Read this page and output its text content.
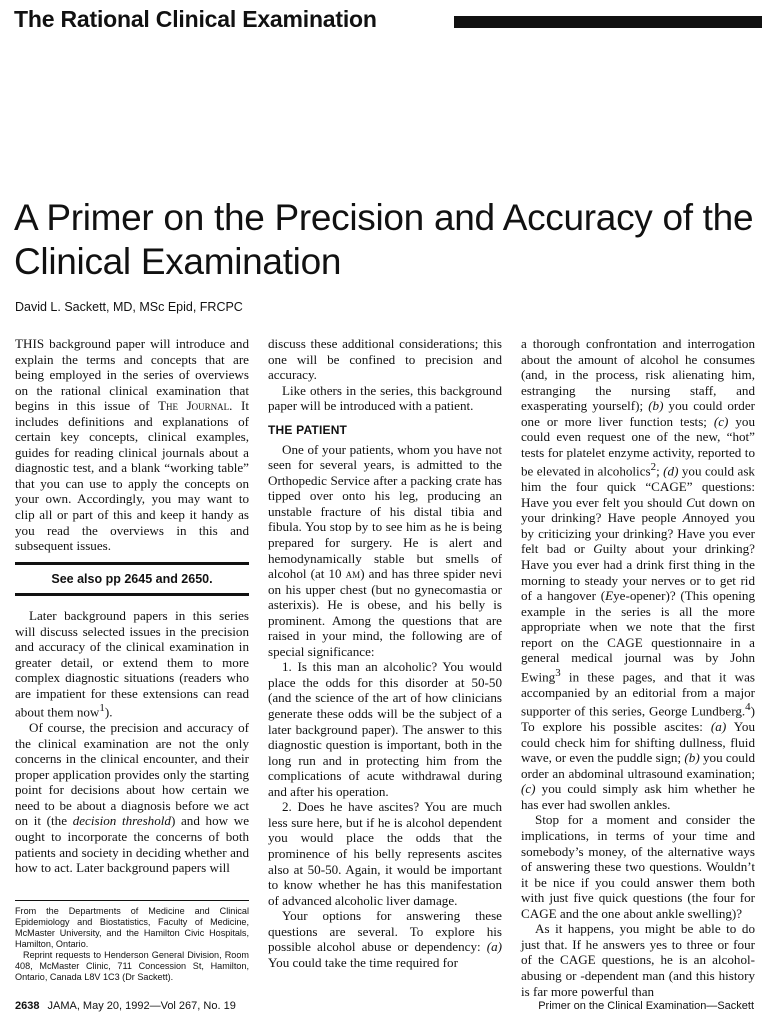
The Rational Clinical Examination
A Primer on the Precision and Accuracy of the Clinical Examination
David L. Sackett, MD, MSc Epid, FRCPC

THIS background paper will introduce and explain the terms and concepts that are being employed in the series of overviews on the rational clinical examination that begins in this issue of The Journal. It includes definitions and explanations of certain key concepts, clinical examples, guides for reading clinical journals about a diagnostic test, and a blank “working table” that you can use to apply the concepts on your own. Accordingly, you may want to clip all or part of this and keep it handy as you read the overviews in this and subsequent issues.

See also pp 2645 and 2650.

Later background papers in this series will discuss selected issues in the precision and accuracy of the clinical examination in greater detail, or extend them to more complex diagnostic situations (readers who are impatient for these extensions can read about them now$^1$).

Of course, the precision and accuracy of the clinical examination are not the only concerns in the clinical encounter, and their proper application provides only the starting point for decisions about how certain we need to be about a diagnosis before we act on it (the decision threshold) and how we ought to incorporate the concerns of both patients and society in deciding whether and how to act. Later background papers will

From the Departments of Medicine and Clinical Epidemiology and Biostatistics, Faculty of Medicine, McMaster University, and the Hamilton Civic Hospitals, Hamilton, Ontario.

Reprint requests to Henderson General Division, Room 408, McMaster Clinic, 711 Concession St, Hamilton, Ontario, Canada L8V 1C3 (Dr Sackett).

discuss these additional considerations; this one will be confined to precision and accuracy.

Like others in the series, this background paper will be introduced with a patient.

THE PATIENT

One of your patients, whom you have not seen for several years, is admitted to the Orthopedic Service after a packing crate has tipped over onto his leg, producing an unstable fracture of his distal tibia and fibula. You stop by to see him as he is being prepared for surgery. He is alert and hemodynamically stable but smells of alcohol (at 10 am) and has three spider nevi on his upper chest (but no gynecomastia or asterixis). He is obese, and his belly is prominent. Among the questions that are raised in your mind, the following are of special significance:

1. Is this man an alcoholic? You would place the odds for this disorder at 50-50 (and the science of the art of how clinicians generate these odds will be the subject of a later background paper). The answer to this diagnostic question is important, both in the long run and in protecting him from the complications of acute withdrawal during and after his operation.

2. Does he have ascites? You are much less sure here, but if he is alcohol dependent you would place the odds that the prominence of his belly represents ascites also at 50-50. Again, it would be important to know whether he has this manifestation of advanced alcoholic liver damage.

Your options for answering these questions are several. To explore his possible alcohol abuse or dependency: (a) You could take the time required for

a thorough confrontation and interrogation about the amount of alcohol he consumes (and, in the process, risk alienating him, estranging the nursing staff, and exasperating yourself); (b) you could order one or more liver function tests; (c) you could even request one of the new, “hot” tests for platelet enzyme activity, reported to be elevated in alcoholics$^2$; (d) you could ask him the four quick “CAGE” questions: Have you ever felt you should Cut down on your drinking? Have people Annoyed you by criticizing your drinking? Have you ever felt bad or Guilty about your drinking? Have you ever had a drink first thing in the morning to steady your nerves or to get rid of a hangover (Eye-opener)? (This opening example in the series is all the more appropriate when we note that the first report on the CAGE questionnaire in a general medical journal was by John Ewing$^3$ in these pages, and that it was accompanied by an editorial from a major supporter of this series, George Lundberg.$^4$) To explore his possible ascites: (a) You could check him for shifting dullness, fluid wave, or even the puddle sign; (b) you could order an abdominal ultrasound examination; (c) you could simply ask him whether he has ever had swollen ankles.

Stop for a moment and consider the implications, in terms of your time and somebody’s money, of the alternative ways of answering these two questions. Wouldn’t it be nice if you could answer them both with just five quick questions (the four for CAGE and the one about ankle swelling)?

As it happens, you might be able to do just that. If he answers yes to three or four of the CAGE questions, he is an alcohol-abusing or -dependent man (and this history is far more powerful than

2638 JAMA, May 20, 1992—Vol 267, No. 19	Primer on the Clinical Examination—Sackett
